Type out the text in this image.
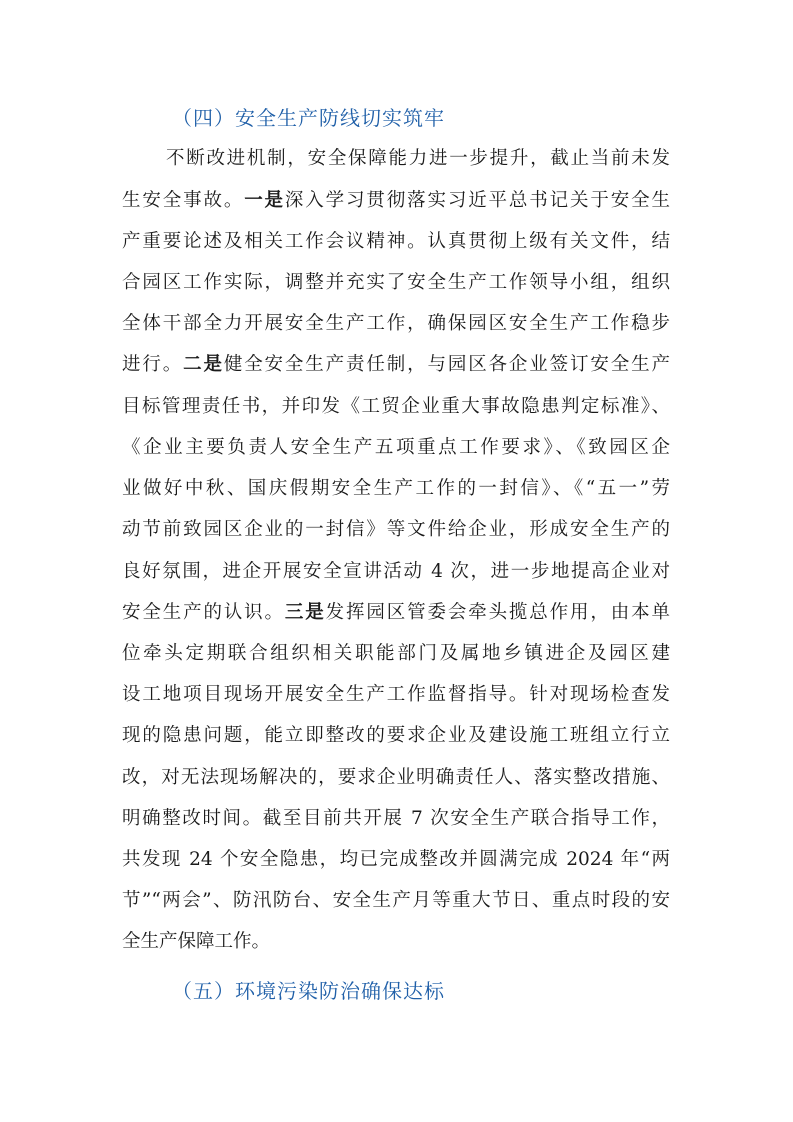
（四）安全生产防线切实筑牢
不断改进机制，安全保障能力进一步提升，截止当前未发
生安全事故。一是深入学习贯彻落实习近平总书记关于安全生
产重要论述及相关工作会议精神。认真贯彻上级有关文件，结
合园区工作实际，调整并充实了安全生产工作领导小组，组织
全体干部全力开展安全生产工作，确保园区安全生产工作稳步
进行。二是健全安全生产责任制，与园区各企业签订安全生产
目标管理责任书，并印发《工贸企业重大事故隐患判定标准》、
《企业主要负责人安全生产五项重点工作要求》、《致园区企
业做好中秋、国庆假期安全生产工作的一封信》、《“五一”劳
动节前致园区企业的一封信》等文件给企业，形成安全生产的
良好氛围，进企开展安全宣讲活动 4 次，进一步地提高企业对
安全生产的认识。三是发挥园区管委会牵头揽总作用，由本单
位牵头定期联合组织相关职能部门及属地乡镇进企及园区建
设工地项目现场开展安全生产工作监督指导。针对现场检查发
现的隐患问题，能立即整改的要求企业及建设施工班组立行立
改，对无法现场解决的，要求企业明确责任人、落实整改措施、
明确整改时间。截至目前共开展 7 次安全生产联合指导工作，
共发现 24 个安全隐患，均已完成整改并圆满完成 2024 年“两
节”“两会”、防汛防台、安全生产月等重大节日、重点时段的安
全生产保障工作。
（五）环境污染防治确保达标
